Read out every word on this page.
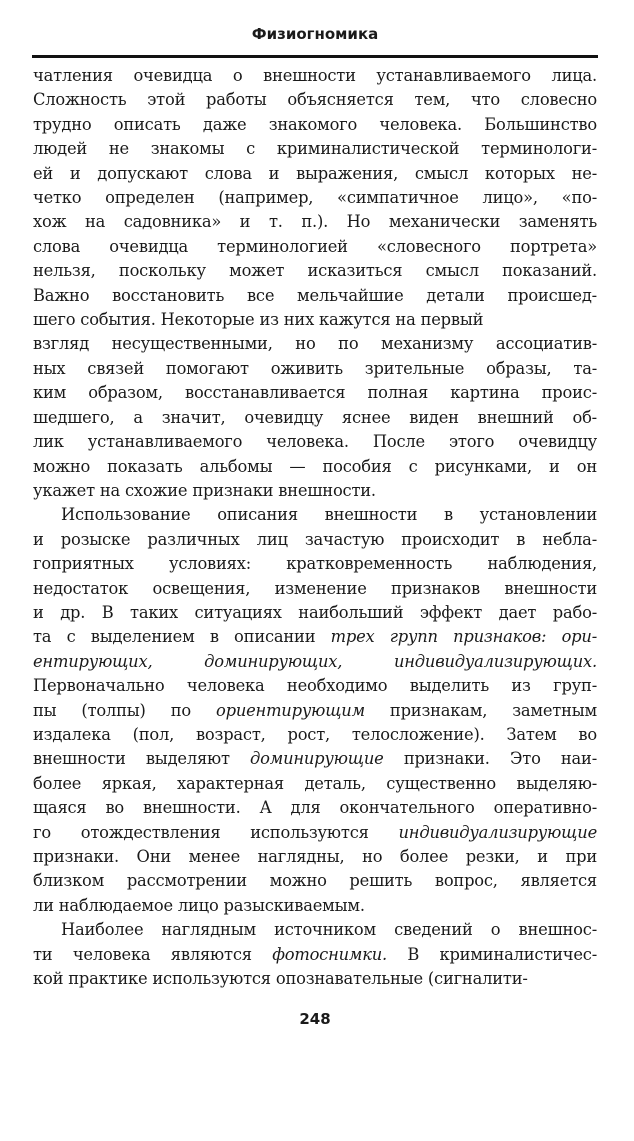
Физиогномика
чатления очевидца о внешности устанавливаемого лица.
Сложность этой работы объясняется тем, что словесно
трудно описать даже знакомого человека. Большинство
людей не знакомы с криминалистической терминологи-
ей и допускают слова и выражения, смысл которых не-
четко определен (например, «симпатичное лицо», «по-
хож на садовника» и т. п.). Но механически заменять
слова очевидца терминологией «словесного портрета»
нельзя, поскольку может исказиться смысл показаний.
Важно восстановить все мельчайшие детали происшед-
шего события. Некоторые из них кажутся на первый
взгляд несущественными, но по механизму ассоциатив-
ных связей помогают оживить зрительные образы, та-
ким образом, восстанавливается полная картина проис-
шедшего, а значит, очевидцу яснее виден внешний об-
лик устанавливаемого человека. После этого очевидцу
можно показать альбомы — пособия с рисунками, и он
укажет на схожие признаки внешности.
Использование описания внешности в установлении
и розыске различных лиц зачастую происходит в небла-
гоприятных условиях: кратковременность наблюдения,
недостаток освещения, изменение признаков внешности
и др. В таких ситуациях наибольший эффект дает рабо-
та с выделением в описании трех групп признаков: ори-
ентирующих, доминирующих, индивидуализирующих.
Первоначально человека необходимо выделить из груп-
пы (толпы) по ориентирующим признакам, заметным
издалека (пол, возраст, рост, телосложение). Затем во
внешности выделяют доминирующие признаки. Это наи-
более яркая, характерная деталь, существенно выделяю-
щаяся во внешности. А для окончательного оперативно-
го отождествления используются индивидуализирующие
признаки. Они менее наглядны, но более резки, и при
близком рассмотрении можно решить вопрос, является
ли наблюдаемое лицо разыскиваемым.
Наиболее наглядным источником сведений о внешнос-
ти человека являются фотоснимки. В криминалистичес-
кой практике используются опознавательные (сигналити-
248
